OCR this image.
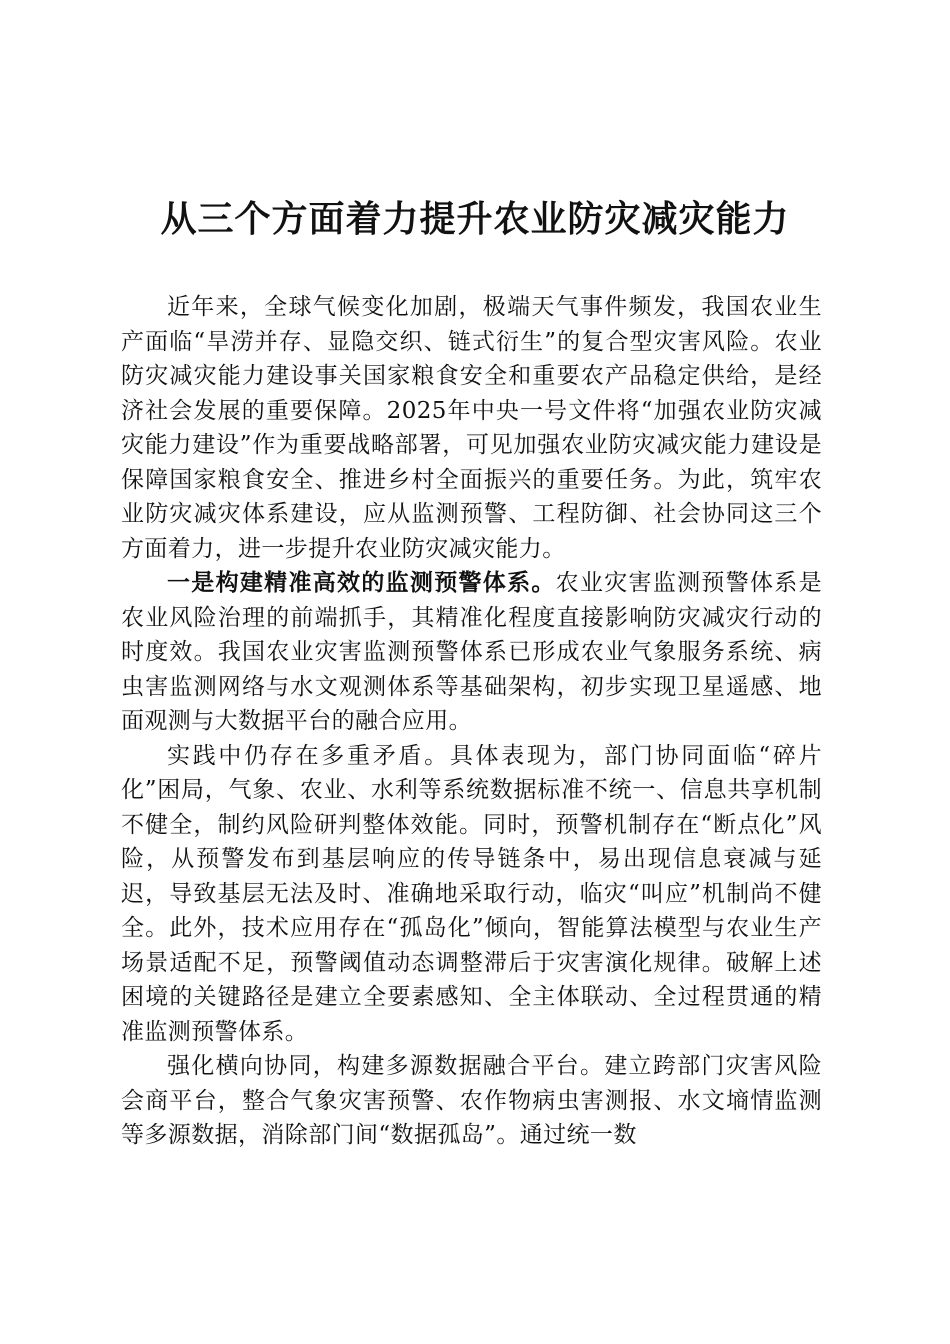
从三个方面着力提升农业防灾减灾能力

近年来，全球气候变化加剧，极端天气事件频发，我国农业生产面临“旱涝并存、显隐交织、链式衍生”的复合型灾害风险。农业防灾减灾能力建设事关国家粮食安全和重要农产品稳定供给，是经济社会发展的重要保障。2025年中央一号文件将“加强农业防灾减灾能力建设”作为重要战略部署，可见加强农业防灾减灾能力建设是保障国家粮食安全、推进乡村全面振兴的重要任务。为此，筑牢农业防灾减灾体系建设，应从监测预警、工程防御、社会协同这三个方面着力，进一步提升农业防灾减灾能力。

一是构建精准高效的监测预警体系。农业灾害监测预警体系是农业风险治理的前端抓手，其精准化程度直接影响防灾减灾行动的时度效。我国农业灾害监测预警体系已形成农业气象服务系统、病虫害监测网络与水文观测体系等基础架构，初步实现卫星遥感、地面观测与大数据平台的融合应用。

实践中仍存在多重矛盾。具体表现为，部门协同面临“碎片化”困局，气象、农业、水利等系统数据标准不统一、信息共享机制不健全，制约风险研判整体效能。同时，预警机制存在“断点化”风险，从预警发布到基层响应的传导链条中，易出现信息衰减与延迟，导致基层无法及时、准确地采取行动，临灾“叫应”机制尚不健全。此外，技术应用存在“孤岛化”倾向，智能算法模型与农业生产场景适配不足，预警阈值动态调整滞后于灾害演化规律。破解上述困境的关键路径是建立全要素感知、全主体联动、全过程贯通的精准监测预警体系。

强化横向协同，构建多源数据融合平台。建立跨部门灾害风险会商平台，整合气象灾害预警、农作物病虫害测报、水文墒情监测等多源数据，消除部门间“数据孤岛”。通过统一数
